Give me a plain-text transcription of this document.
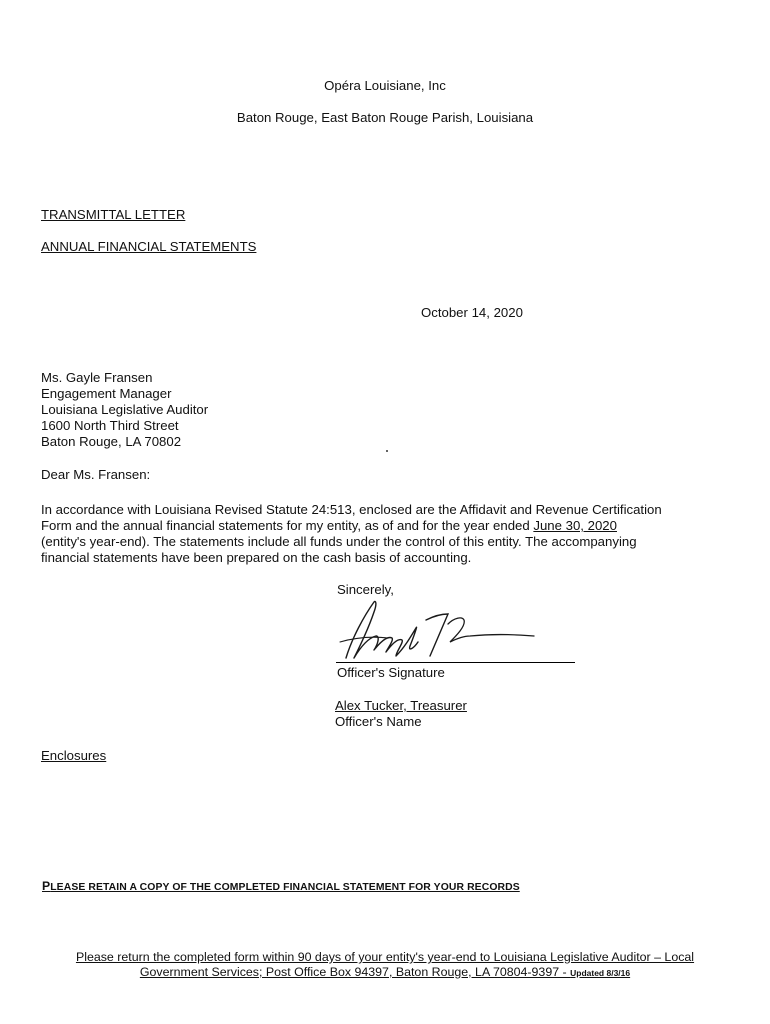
Opéra Louisiane, Inc
Baton Rouge, East Baton Rouge Parish, Louisiana
TRANSMITTAL LETTER
ANNUAL FINANCIAL STATEMENTS
October 14, 2020
Ms. Gayle Fransen
Engagement Manager
Louisiana Legislative Auditor
1600 North Third Street
Baton Rouge, LA 70802
Dear Ms. Fransen:
In accordance with Louisiana Revised Statute 24:513, enclosed are the Affidavit and Revenue Certification
Form and the annual financial statements for my entity, as of and for the year ended June 30, 2020
(entity's year-end). The statements include all funds under the control of this entity. The accompanying
financial statements have been prepared on the cash basis of accounting.
Sincerely,
Officer's Signature
Alex Tucker, Treasurer
Officer's Name
Enclosures
PLEASE RETAIN A COPY OF THE COMPLETED FINANCIAL STATEMENT FOR YOUR RECORDS
Please return the completed form within 90 days of your entity's year-end to Louisiana Legislative Auditor – Local
Government Services; Post Office Box 94397, Baton Rouge, LA 70804-9397 - Updated 8/3/16
